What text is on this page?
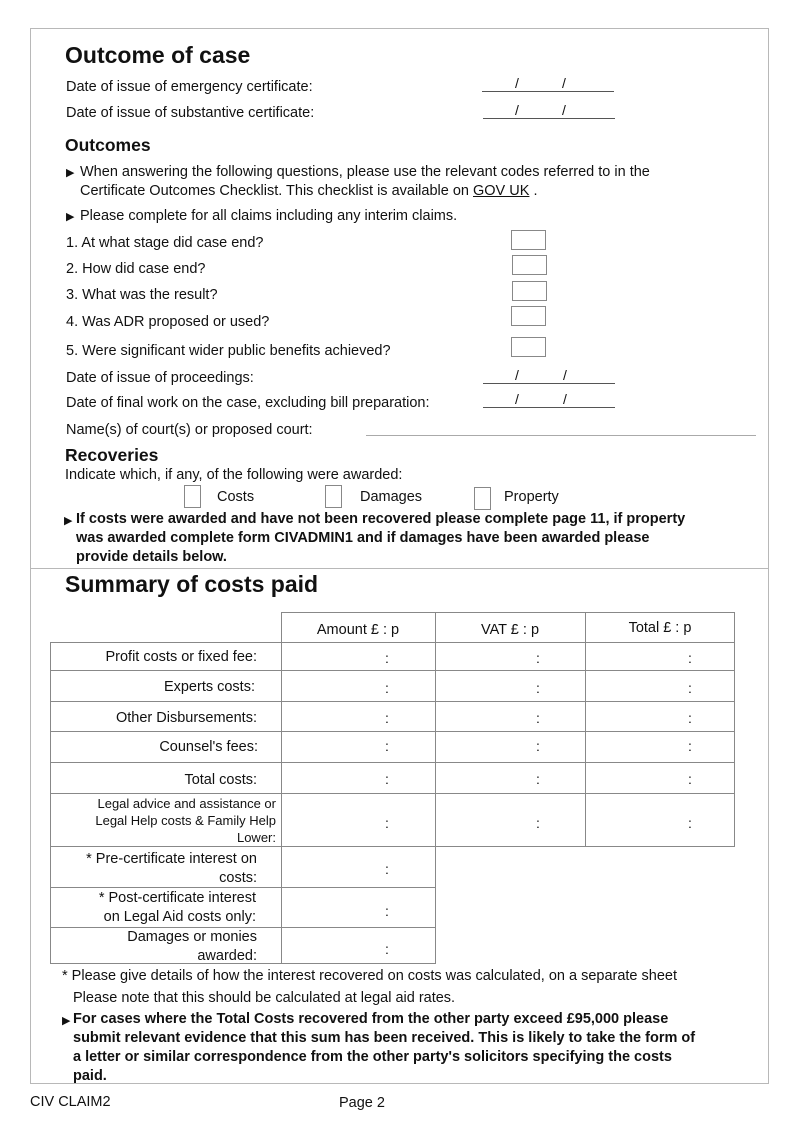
Outcome of case
Date of issue of emergency certificate:	/	/
Date of issue of substantive certificate:	/	/
Outcomes
▶ When answering the following questions, please use the relevant codes referred to in the
Certificate Outcomes Checklist. This checklist is available on GOV UK .
▶ Please complete for all claims including any interim claims.
1. At what stage did case end?
2. How did case end?
3. What was the result?
4. Was ADR proposed or used?
5. Were significant wider public benefits achieved?
Date of issue of proceedings:	/	/
Date of final work on the case, excluding bill preparation:	/	/
Name(s) of court(s) or proposed court:
Recoveries
Indicate which, if any, of the following were awarded:
Costs	Damages	Property
▶ If costs were awarded and have not been recovered please complete page 11, if property
was awarded complete form CIVADMIN1 and if damages have been awarded please
provide details below.
Summary of costs paid
Amount £ : p	VAT £ : p	Total £ : p
Profit costs or fixed fee:	:	:	:
Experts costs:	:	:	:
Other Disbursements:	:	:	:
Counsel's fees:	:	:	:
Total costs:	:	:	:
Legal advice and assistance or
Legal Help costs & Family Help
Lower:
:	:	:
* Pre-certificate interest on
costs:
:
* Post-certificate interest
on Legal Aid costs only:	:
Damages or monies
awarded:	:
* Please give details of how the interest recovered on costs was calculated, on a separate sheet
Please note that this should be calculated at legal aid rates.
▶ For cases where the Total Costs recovered from the other party exceed £95,000 please
submit relevant evidence that this sum has been received. This is likely to take the form of
a letter or similar correspondence from the other party's solicitors specifying the costs
paid.
CIV CLAIM2	Page 2
